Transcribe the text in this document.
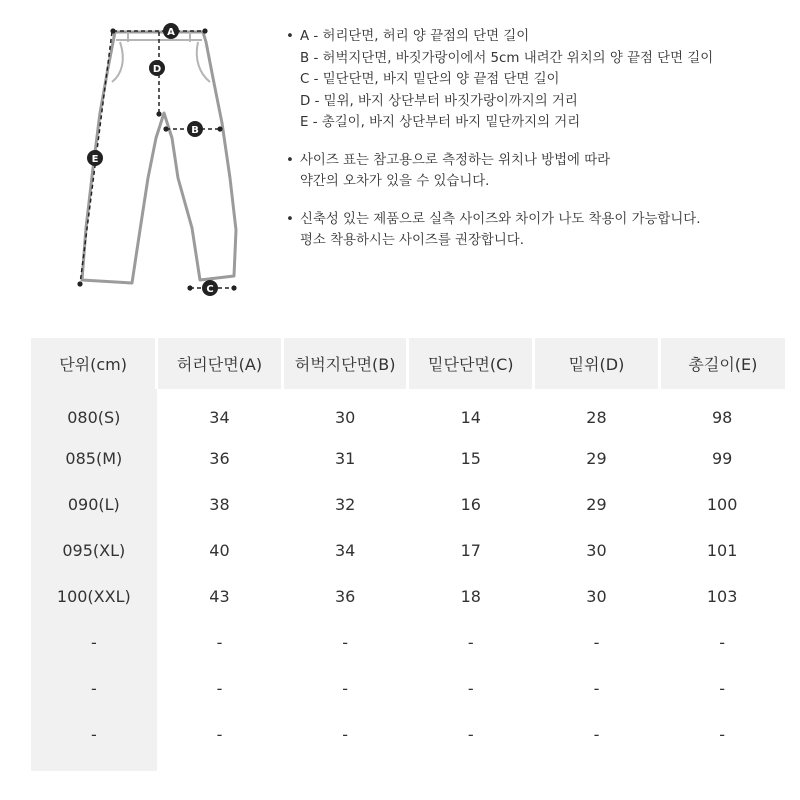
A
D
B
E
C
• A - 허리단면, 허리 양 끝점의 단면 길이
B - 허벅지단면, 바짓가랑이에서 5cm 내려간 위치의 양 끝점 단면 길이
C - 밑단단면, 바지 밑단의 양 끝점 단면 길이
D - 밑위, 바지 상단부터 바짓가랑이까지의 거리
E - 총길이, 바지 상단부터 바지 밑단까지의 거리
• 사이즈 표는 참고용으로 측정하는 위치나 방법에 따라
약간의 오차가 있을 수 있습니다.
• 신축성 있는 제품으로 실측 사이즈와 차이가 나도 착용이 가능합니다.
평소 착용하시는 사이즈를 권장합니다.
단위(cm)	허리단면(A)	허벅지단면(B)	밑단단면(C)	밑위(D)	총길이(E)
080(S)	34	30	14	28	98
085(M)	36	31	15	29	99
090(L)	38	32	16	29	100
095(XL)	40	34	17	30	101
100(XXL)	43	36	18	30	103
-	-	-	-	-	-
-	-	-	-	-	-
-	-	-	-	-	-
